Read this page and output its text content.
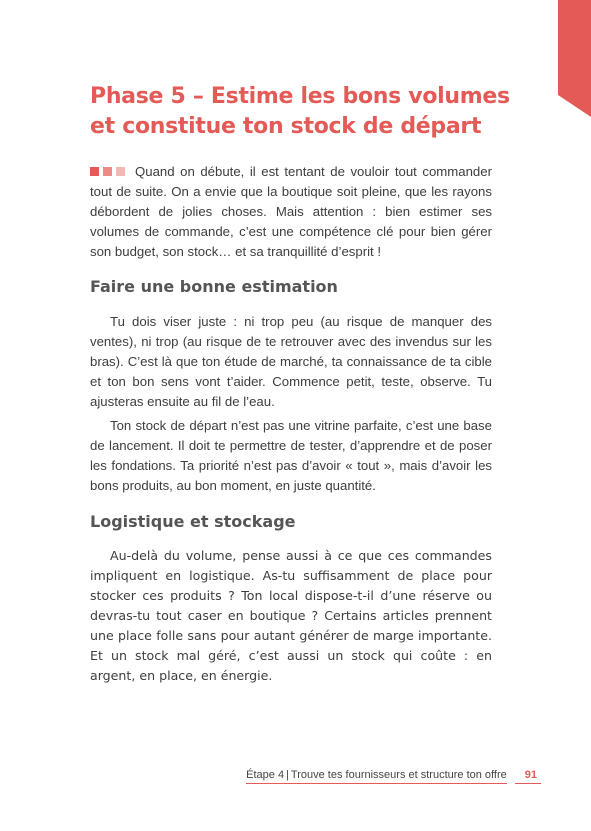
Phase 5 – Estime les bons volumes et constitue ton stock de départ

Quand on débute, il est tentant de vouloir tout commander tout de suite. On a envie que la boutique soit pleine, que les rayons débordent de jolies choses. Mais attention : bien estimer ses volumes de commande, c’est une compétence clé pour bien gérer son budget, son stock… et sa tranquillité d’esprit !

Faire une bonne estimation

Tu dois viser juste : ni trop peu (au risque de manquer des ventes), ni trop (au risque de te retrouver avec des invendus sur les bras). C’est là que ton étude de marché, ta connaissance de ta cible et ton bon sens vont t’aider. Commence petit, teste, observe. Tu ajusteras ensuite au fil de l’eau.

Ton stock de départ n’est pas une vitrine parfaite, c’est une base de lancement. Il doit te permettre de tester, d’apprendre et de poser les fondations. Ta priorité n’est pas d’avoir « tout », mais d’avoir les bons produits, au bon moment, en juste quantité.

Logistique et stockage

Au-delà du volume, pense aussi à ce que ces commandes impliquent en logistique. As-tu suffisamment de place pour stocker ces produits ? Ton local dispose-t-il d’une réserve ou devras-tu tout caser en boutique ? Certains articles prennent une place folle sans pour autant générer de marge importante. Et un stock mal géré, c’est aussi un stock qui coûte : en argent, en place, en énergie.

Étape 4 | Trouve tes fournisseurs et structure ton offre	91
